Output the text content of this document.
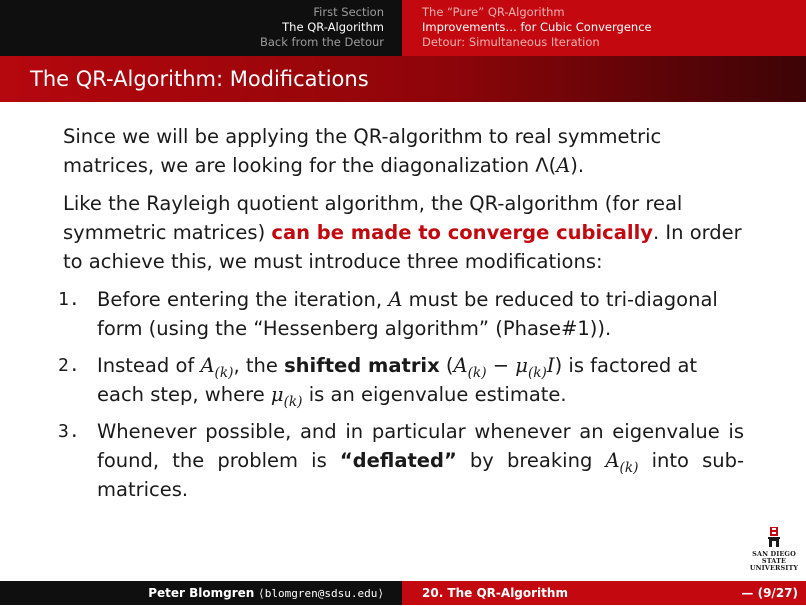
First Section
The QR-Algorithm
Back from the Detour
The “Pure” QR-Algorithm
Improvements… for Cubic Convergence
Detour: Simultaneous Iteration
The QR-Algorithm: Modifications

Since we will be applying the QR-algorithm to real symmetric matrices, we are looking for the diagonalization Λ(A).

Like the Rayleigh quotient algorithm, the QR-algorithm (for real symmetric matrices) can be made to converge cubically. In order to achieve this, we must introduce three modifications:

1. Before entering the iteration, A must be reduced to tri-diagonal form (using the “Hessenberg algorithm” (Phase#1)).
2. Instead of $A_{(k)}$, the shifted matrix $(A_{(k)} - \mu_{(k)}I)$ is factored at each step, where $\mu_{(k)}$ is an eigenvalue estimate.
3. Whenever possible, and in particular whenever an eigenvalue is found, the problem is “deflated” by breaking $A_{(k)}$ into sub-matrices.
SAN DIEGO STATE
UNIVERSITY
Peter Blomgren ⟨blomgren@sdsu.edu⟩	20. The QR-Algorithm	— (9/27)
